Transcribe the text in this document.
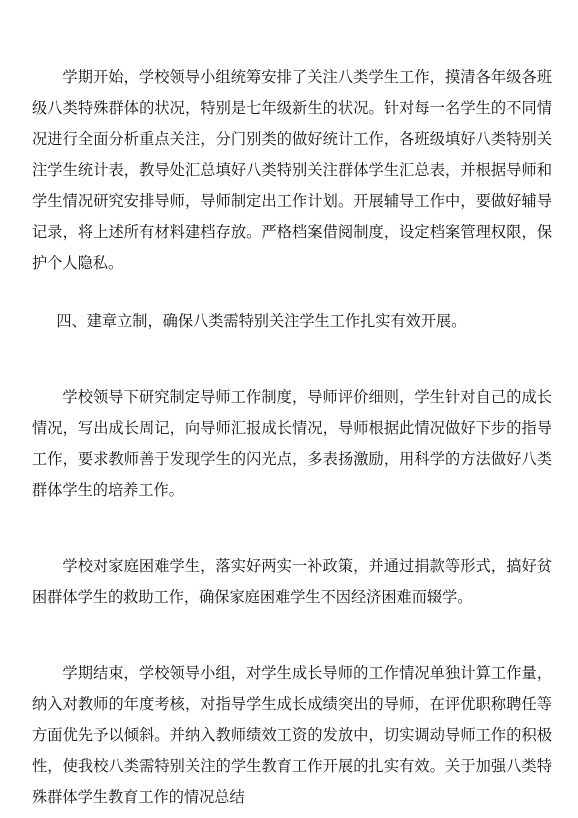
学期开始，学校领导小组统筹安排了关注八类学生工作，摸清各年级各班级八类特殊群体的状况，特别是七年级新生的状况。针对每一名学生的不同情况进行全面分析重点关注，分门别类的做好统计工作，各班级填好八类特别关注学生统计表，教导处汇总填好八类特别关注群体学生汇总表，并根据导师和学生情况研究安排导师，导师制定出工作计划。开展辅导工作中，要做好辅导记录，将上述所有材料建档存放。严格档案借阅制度，设定档案管理权限，保护个人隐私。

四、建章立制，确保八类需特别关注学生工作扎实有效开展。

学校领导下研究制定导师工作制度，导师评价细则，学生针对自己的成长情况，写出成长周记，向导师汇报成长情况，导师根据此情况做好下步的指导工作，要求教师善于发现学生的闪光点，多表扬激励，用科学的方法做好八类群体学生的培养工作。

学校对家庭困难学生，落实好两实一补政策，并通过捐款等形式，搞好贫困群体学生的救助工作，确保家庭困难学生不因经济困难而辍学。

学期结束，学校领导小组，对学生成长导师的工作情况单独计算工作量，纳入对教师的年度考核，对指导学生成长成绩突出的导师，在评优职称聘任等方面优先予以倾斜。并纳入教师绩效工资的发放中，切实调动导师工作的积极性，使我校八类需特别关注的学生教育工作开展的扎实有效。关于加强八类特殊群体学生教育工作的情况总结
